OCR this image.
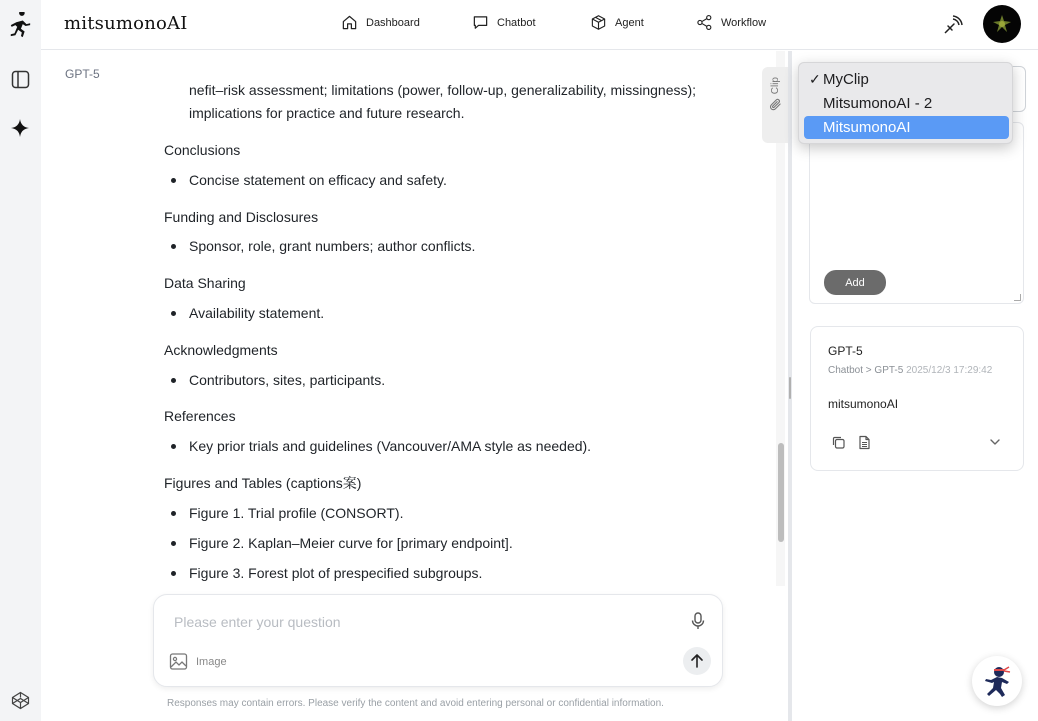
mitsumonoAI	Dashboard	Chatbot	Agent	Workflow
GPT-5
nefit–risk assessment; limitations (power, follow-up, generalizability, missingness);
implications for practice and future research.
Conclusions
Concise statement on efficacy and safety.
Funding and Disclosures
Sponsor, role, grant numbers; author conflicts.
Data Sharing
Availability statement.
Acknowledgments
Contributors, sites, participants.
References
Key prior trials and guidelines (Vancouver/AMA style as needed).
Figures and Tables (captions案)
Figure 1. Trial profile (CONSORT).
Figure 2. Kaplan–Meier curve for [primary endpoint].
Figure 3. Forest plot of prespecified subgroups.
Please enter your question
Image
Responses may contain errors. Please verify the content and avoid entering personal or confidential information.
Clip
Add
GPT-5
Chatbot > GPT-5 2025/12/3 17:29:42
mitsumonoAI
✓ MyClip
MitsumonoAI - 2
MitsumonoAI
